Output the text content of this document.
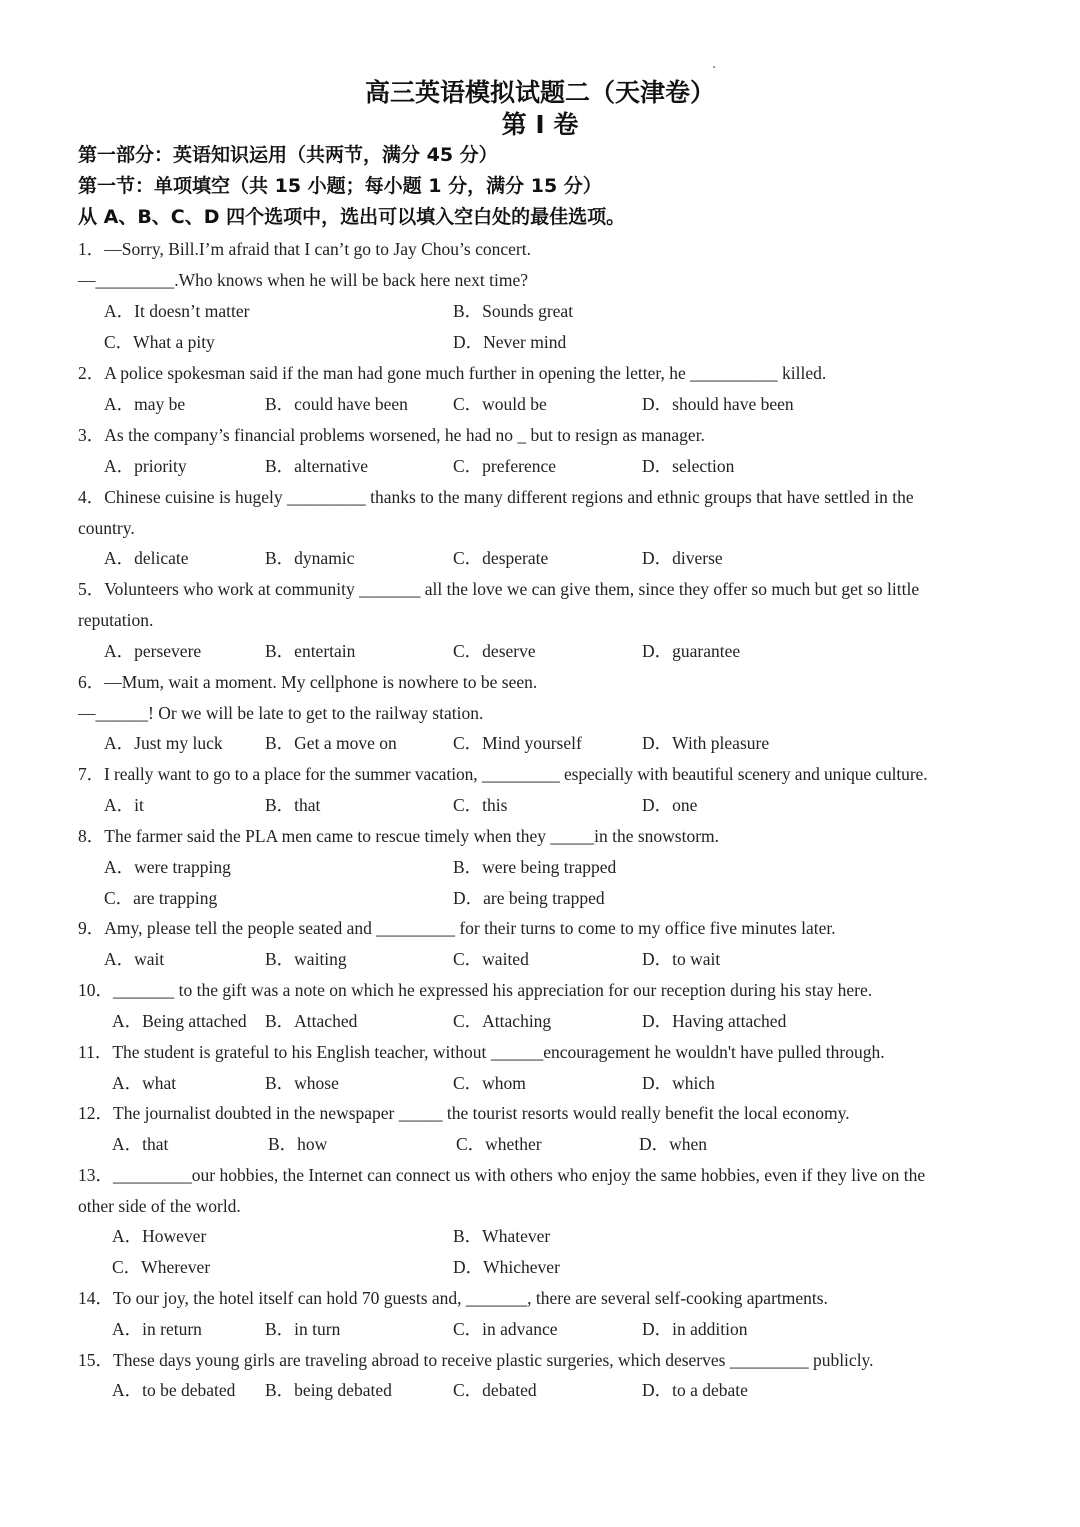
高三英语模拟试题二（天津卷）
第 I 卷
第一部分：英语知识运用（共两节，满分 45 分）
第一节：单项填空（共 15 小题；每小题 1 分，满分 15 分）
从 A、B、C、D 四个选项中，选出可以填入空白处的最佳选项。
1．—Sorry, Bill.I’m afraid that I can’t go to Jay Chou’s concert.
—_________.Who knows when he will be back here next time?
A．It doesn’t matter	B．Sounds great
C．What a pity	D．Never mind
2．A police spokesman said if the man had gone much further in opening the letter, he __________ killed.
A．may be	B．could have been	C．would be	D．should have been
3．As the company’s financial problems worsened, he had no _ but to resign as manager.
A．priority	B．alternative	C．preference	D．selection
4．Chinese cuisine is hugely _________ thanks to the many different regions and ethnic groups that have settled in the
country.
A．delicate	B．dynamic	C．desperate	D．diverse
5．Volunteers who work at community _______ all the love we can give them, since they offer so much but get so little
reputation.
A．persevere	B．entertain	C．deserve	D．guarantee
6．—Mum, wait a moment. My cellphone is nowhere to be seen.
—______! Or we will be late to get to the railway station.
A．Just my luck B．Get a move on	C．Mind yourself	D．With pleasure
7．I really want to go to a place for the summer vacation, _________ especially with beautiful scenery and unique culture.
A．it	B．that	C．this	D．one
8．The farmer said the PLA men came to rescue timely when they _____in the snowstorm.
A．were trapping	B．were being trapped
C．are trapping	D．are being trapped
9．Amy, please tell the people seated and _________ for their turns to come to my office five minutes later.
A．wait	B．waiting	C．waited	D．to wait
10．_______ to the gift was a note on which he expressed his appreciation for our reception during his stay here.
A．Being attached B．Attached	C．Attaching	D．Having attached
11．The student is grateful to his English teacher, without ______encouragement he wouldn't have pulled through.
A．what	B．whose	C．whom	D．which
12．The journalist doubted in the newspaper _____ the tourist resorts would really benefit the local economy.
A．that	B．how	C．whether	D．when
13．_________our hobbies, the Internet can connect us with others who enjoy the same hobbies, even if they live on the
other side of the world.
A．However	B．Whatever
C．Wherever	D．Whichever
14．To our joy, the hotel itself can hold 70 guests and, _______, there are several self-cooking apartments.
A．in return	B．in turn	C．in advance	D．in addition
15．These days young girls are traveling abroad to receive plastic surgeries, which deserves _________ publicly.
A．to be debated B．being debated	C．debated	D．to a debate
